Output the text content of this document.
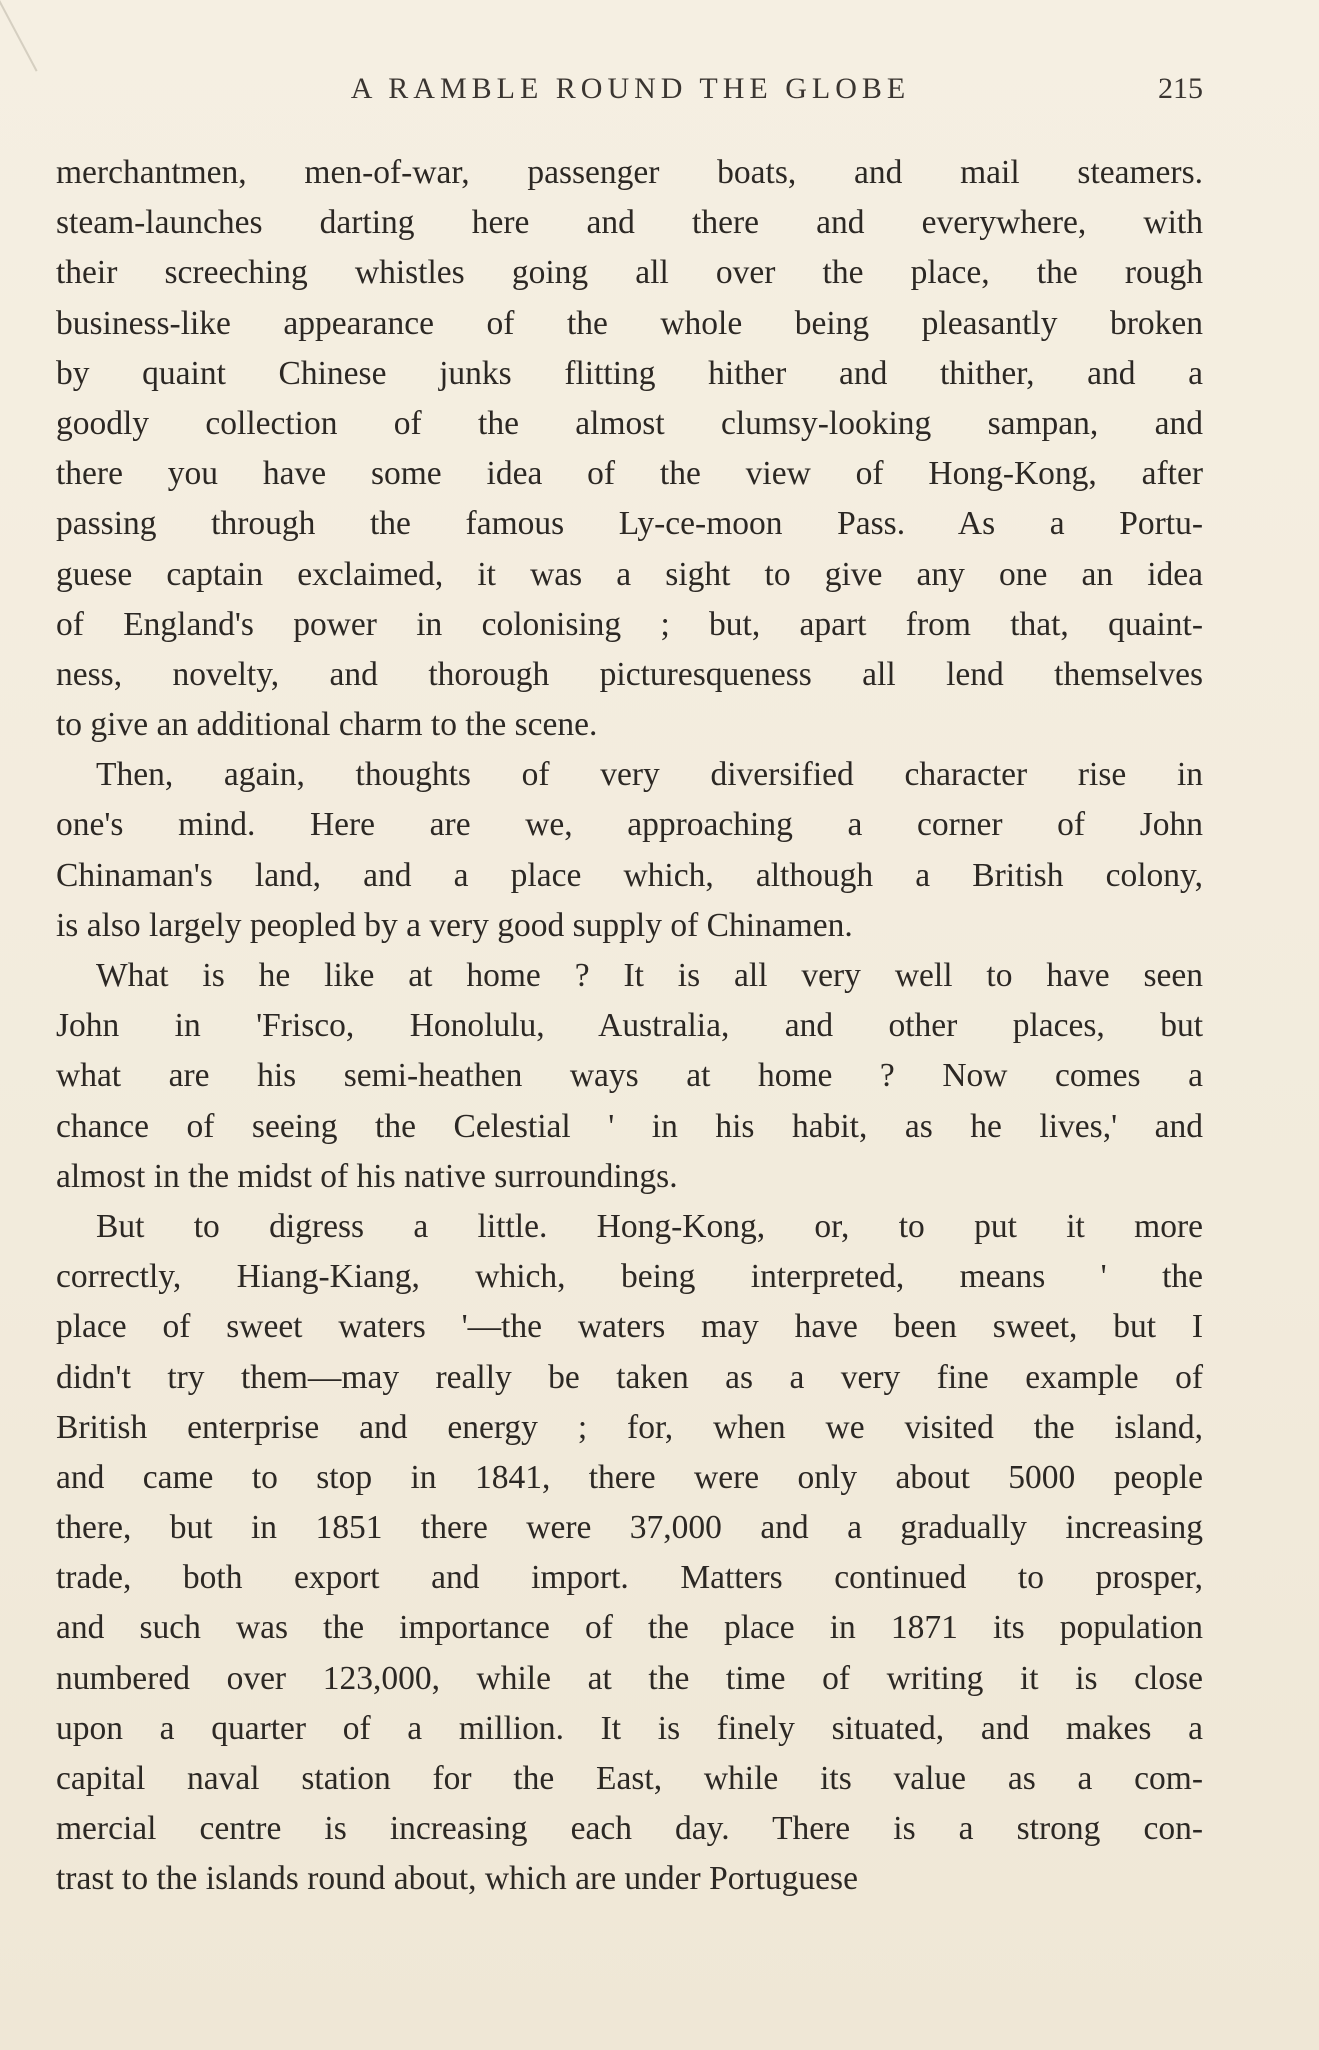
A RAMBLE ROUND THE GLOBE	215
merchantmen, men-of-war, passenger boats, and mail steamers.
steam-launches darting here and there and everywhere, with
their screeching whistles going all over the place, the rough
business-like appearance of the whole being pleasantly broken
by quaint Chinese junks flitting hither and thither, and a
goodly collection of the almost clumsy-looking sampan, and
there you have some idea of the view of Hong-Kong, after
passing through the famous Ly-ce-moon Pass. As a Portu-
guese captain exclaimed, it was a sight to give any one an idea
of England's power in colonising ; but, apart from that, quaint-
ness, novelty, and thorough picturesqueness all lend themselves
to give an additional charm to the scene.
Then, again, thoughts of very diversified character rise in
one's mind. Here are we, approaching a corner of John
Chinaman's land, and a place which, although a British colony,
is also largely peopled by a very good supply of Chinamen.
What is he like at home ? It is all very well to have seen
John in 'Frisco, Honolulu, Australia, and other places, but
what are his semi-heathen ways at home ? Now comes a
chance of seeing the Celestial ' in his habit, as he lives,' and
almost in the midst of his native surroundings.
But to digress a little. Hong-Kong, or, to put it more
correctly, Hiang-Kiang, which, being interpreted, means ' the
place of sweet waters '—the waters may have been sweet, but I
didn't try them—may really be taken as a very fine example of
British enterprise and energy ; for, when we visited the island,
and came to stop in 1841, there were only about 5000 people
there, but in 1851 there were 37,000 and a gradually increasing
trade, both export and import. Matters continued to prosper,
and such was the importance of the place in 1871 its population
numbered over 123,000, while at the time of writing it is close
upon a quarter of a million. It is finely situated, and makes a
capital naval station for the East, while its value as a com-
mercial centre is increasing each day. There is a strong con-
trast to the islands round about, which are under Portuguese
